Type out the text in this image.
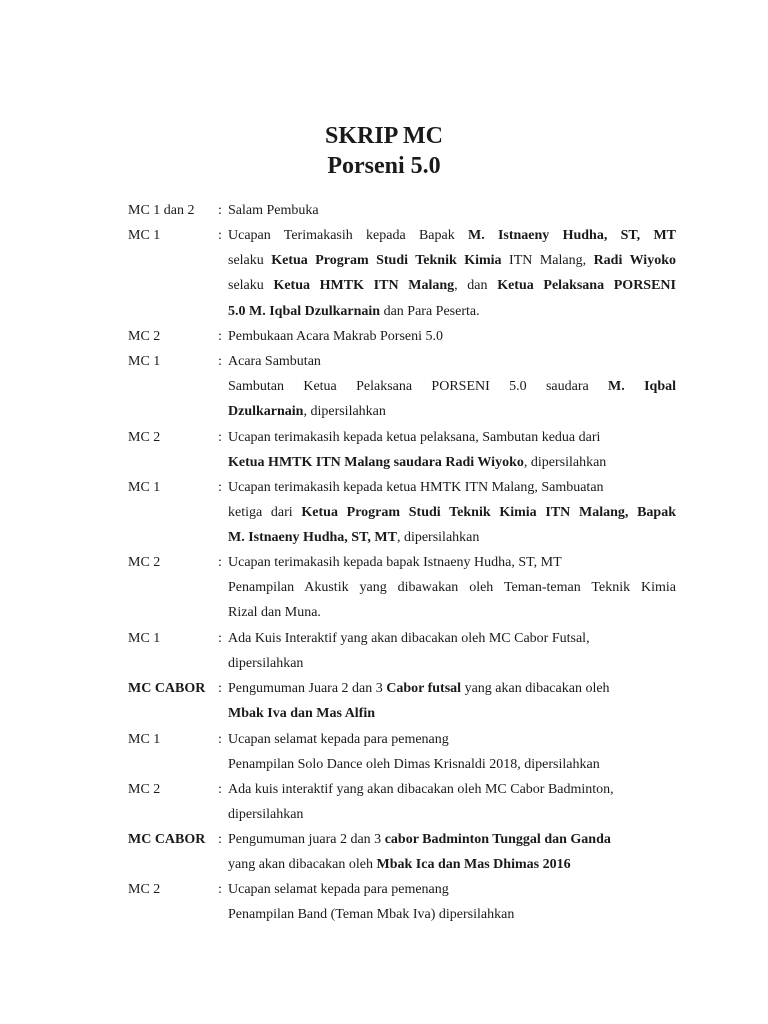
SKRIP MC
Porseni 5.0
MC 1 dan 2	: Salam Pembuka
MC 1	: Ucapan Terimakasih kepada Bapak M. Istnaeny Hudha, ST, MT
selaku Ketua Program Studi Teknik Kimia ITN Malang, Radi Wiyoko
selaku Ketua HMTK ITN Malang, dan Ketua Pelaksana PORSENI
5.0 M. Iqbal Dzulkarnain dan Para Peserta.
MC 2	: Pembukaan Acara Makrab Porseni 5.0
MC 1	: Acara Sambutan
Sambutan Ketua Pelaksana PORSENI 5.0 saudara M. Iqbal
Dzulkarnain, dipersilahkan
MC 2	: Ucapan terimakasih kepada ketua pelaksana, Sambutan kedua dari
Ketua HMTK ITN Malang saudara Radi Wiyoko, dipersilahkan
MC 1	: Ucapan terimakasih kepada ketua HMTK ITN Malang, Sambuatan
ketiga dari Ketua Program Studi Teknik Kimia ITN Malang, Bapak
M. Istnaeny Hudha, ST, MT, dipersilahkan
MC 2	: Ucapan terimakasih kepada bapak Istnaeny Hudha, ST, MT
Penampilan Akustik yang dibawakan oleh Teman-teman Teknik Kimia
Rizal dan Muna.
MC 1	: Ada Kuis Interaktif yang akan dibacakan oleh MC Cabor Futsal,
dipersilahkan
MC CABOR : Pengumuman Juara 2 dan 3 Cabor futsal yang akan dibacakan oleh
Mbak Iva dan Mas Alfin
MC 1	: Ucapan selamat kepada para pemenang
Penampilan Solo Dance oleh Dimas Krisnaldi 2018, dipersilahkan
MC 2	: Ada kuis interaktif yang akan dibacakan oleh MC Cabor Badminton,
dipersilahkan
MC CABOR : Pengumuman juara 2 dan 3 cabor Badminton Tunggal dan Ganda
yang akan dibacakan oleh Mbak Ica dan Mas Dhimas 2016
MC 2	: Ucapan selamat kepada para pemenang
Penampilan Band (Teman Mbak Iva) dipersilahkan
